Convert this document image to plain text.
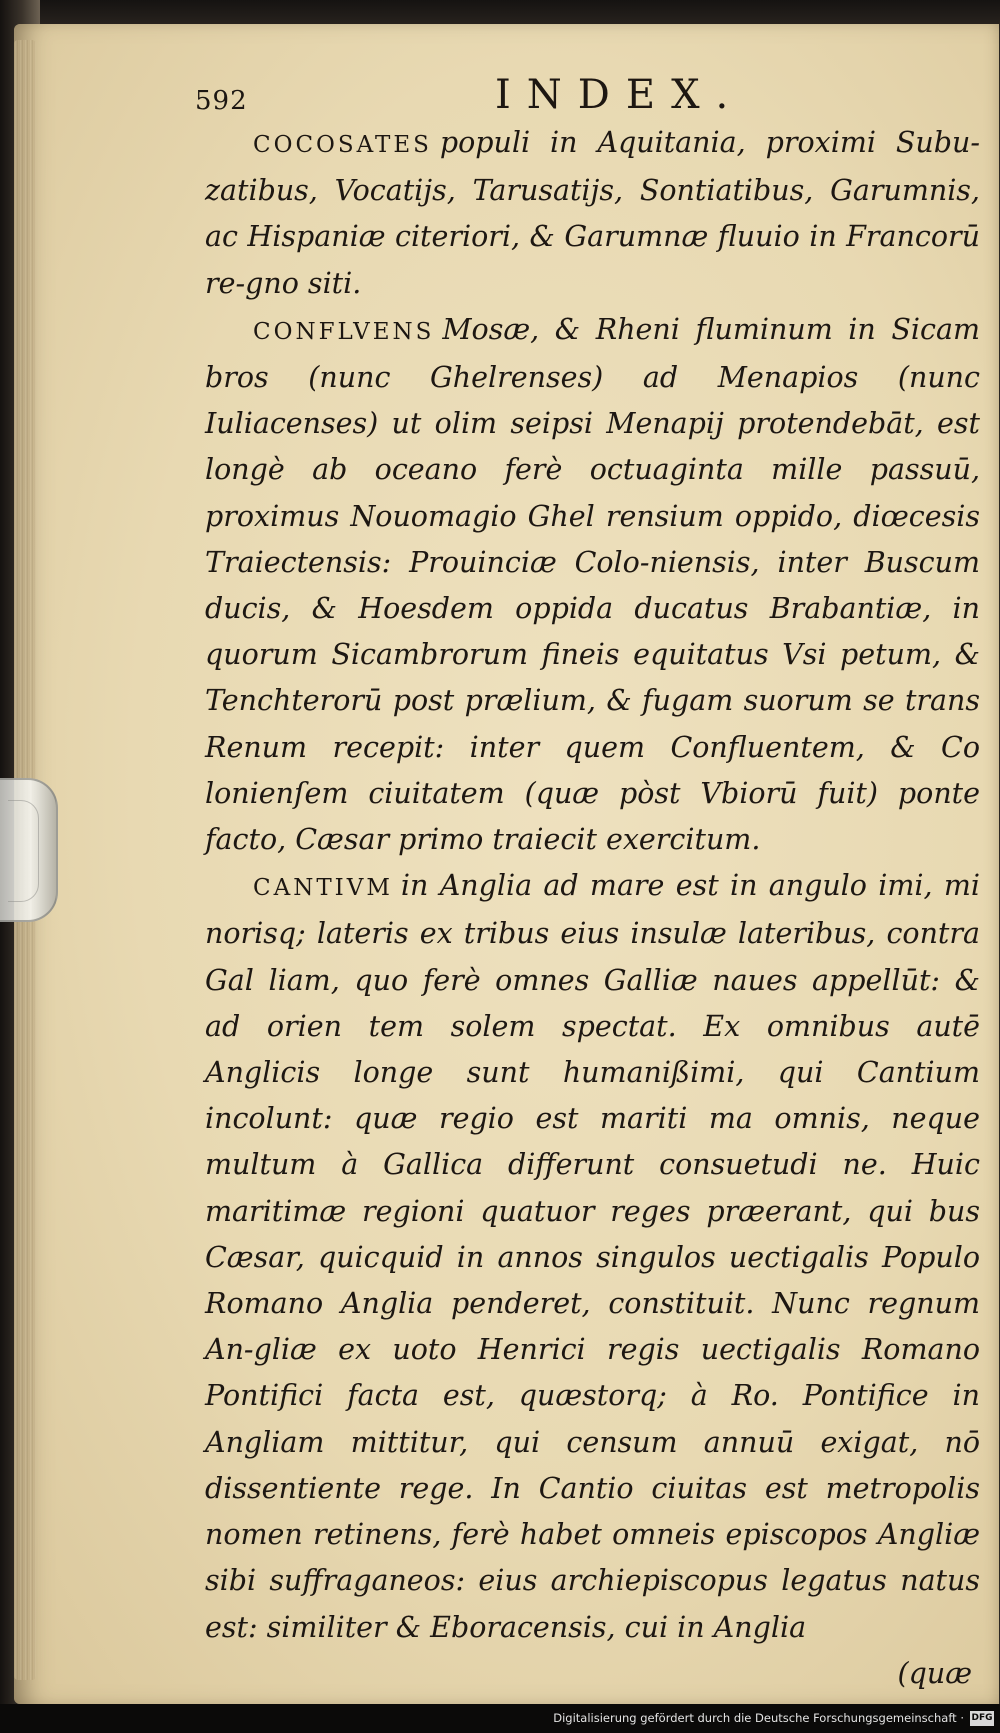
592	INDEX.
COCOSATES populi in Aquitania, proximi Subu-zatibus, Vocatijs, Tarusatijs, Sontiatibus, Garumnis, ac Hispaniæ citeriori, & Garumnæ fluuio in Francorū re-gno siti.
CONFLVENS Mosæ, & Rheni fluminum in Sicam bros (nunc Ghelrenses) ad Menapios (nunc Iuliacenses) ut olim seipsi Menapij protendebāt, est longè ab oceano ferè octuaginta mille passuū, proximus Nouomagio Ghel rensium oppido, diœcesis Traiectensis: Prouinciæ Colo-niensis, inter Buscum ducis, & Hoesdem oppida ducatus Brabantiæ, in quorum Sicambrorum fineis equitatus Vsi petum, & Tenchterorū post prælium, & fugam suorum se trans Renum recepit: inter quem Confluentem, & Co lonienſem ciuitatem (quæ pòst Vbiorū fuit) ponte facto, Cæsar primo traiecit exercitum.
CANTIVM in Anglia ad mare est in angulo imi, mi norisq; lateris ex tribus eius insulæ lateribus, contra Gal liam, quo ferè omnes Galliæ naues appellūt: & ad orien tem solem spectat. Ex omnibus autē Anglicis longe sunt humanißimi, qui Cantium incolunt: quæ regio est mariti ma omnis, neque multum à Gallica differunt consuetudi ne. Huic maritimæ regioni quatuor reges præerant, qui bus Cæsar, quicquid in annos singulos uectigalis Populo Romano Anglia penderet, constituit. Nunc regnum An-gliæ ex uoto Henrici regis uectigalis Romano Pontifici facta est, quæstorq; à Ro. Pontifice in Angliam mittitur, qui censum annuū exigat, nō dissentiente rege. In Cantio ciuitas est metropolis nomen retinens, ferè habet omneis episcopos Angliæ sibi suffraganeos: eius archiepiscopus legatus natus est: similiter & Eboracensis, cui in Anglia
(quæ
Digitalisierung gefördert durch die Deutsche Forschungsgemeinschaft · DFG
